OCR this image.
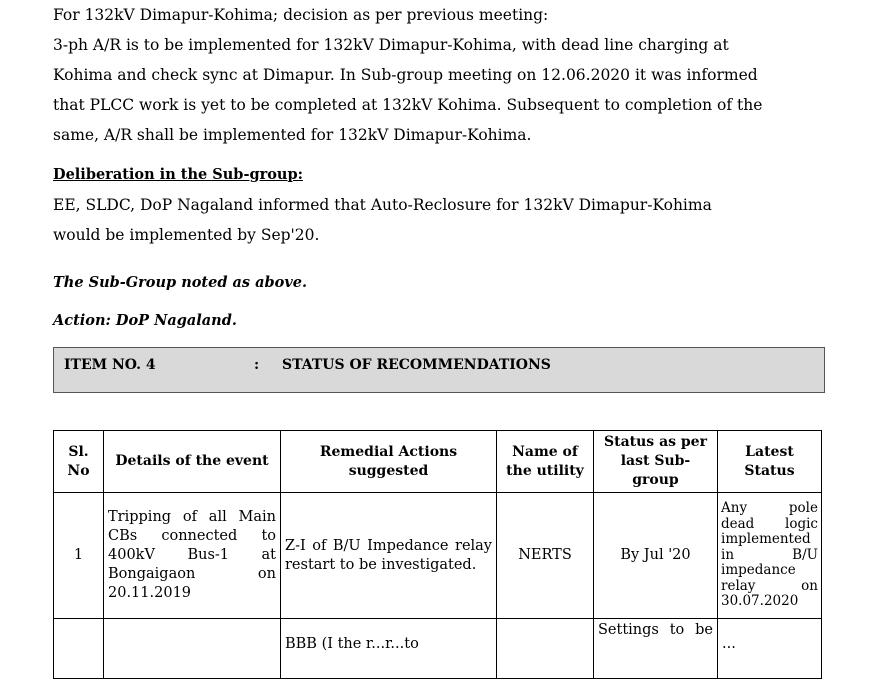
For 132kV Dimapur-Kohima; decision as per previous meeting:

3-ph A/R is to be implemented for 132kV Dimapur-Kohima, with dead line charging at

Kohima and check sync at Dimapur. In Sub-group meeting on 12.06.2020 it was informed

that PLCC work is yet to be completed at 132kV Kohima. Subsequent to completion of the

same, A/R shall be implemented for 132kV Dimapur-Kohima.

Deliberation in the Sub-group:

EE, SLDC, DoP Nagaland informed that Auto-Reclosure for 132kV Dimapur-Kohima

would be implemented by Sep'20.

The Sub-Group noted as above.

Action: DoP Nagaland.

ITEM NO. 4	: STATUS OF RECOMMENDATIONS
Sl. No	Details of the event	Remedial Actions suggested	Name of the utility	Status as per last Sub-group	Latest Status
1	Tripping of all Main CBs connected to 400kV Bus-1 at Bongaigaon on 20.11.2019	Z-I of B/U Impedance relay restart to be investigated.	NERTS	By Jul '20	Any pole dead logic implemented in B/U impedance relay on 30.07.2020
		BBB (I the r...r...to		Settings to be	...
